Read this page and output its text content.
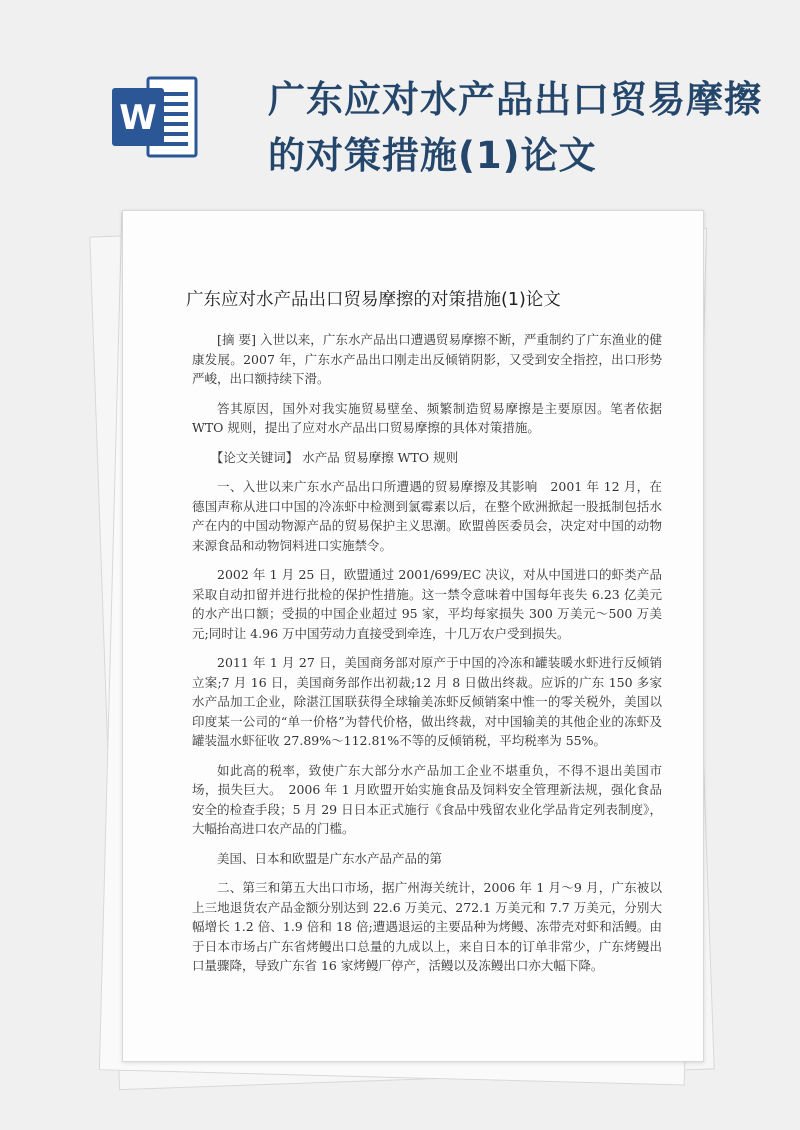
W	广东应对水产品出口贸易摩擦
的对策措施(1)论文
广东应对水产品出口贸易摩擦的对策措施(1)论文

[摘 要] 入世以来，广东水产品出口遭遇贸易摩擦不断，严重制约了广东渔业的健康发展。2007 年，广东水产品出口刚走出反倾销阴影，又受到安全指控，出口形势严峻，出口额持续下滑。

答其原因，国外对我实施贸易壁垒、频繁制造贸易摩擦是主要原因。笔者依据 WTO 规则，提出了应对水产品出口贸易摩擦的具体对策措施。

【论文关键词】 水产品 贸易摩擦 WTO 规则

一、入世以来广东水产品出口所遭遇的贸易摩擦及其影响　2001 年 12 月，在德国声称从进口中国的冷冻虾中检测到氯霉素以后，在整个欧洲掀起一股抵制包括水产在内的中国动物源产品的贸易保护主义思潮。欧盟兽医委员会，决定对中国的动物来源食品和动物饲料进口实施禁令。

2002 年 1 月 25 日，欧盟通过 2001/699/EC 决议，对从中国进口的虾类产品采取自动扣留并进行批检的保护性措施。这一禁令意味着中国每年丧失 6.23 亿美元的水产出口额；受损的中国企业超过 95 家，平均每家损失 300 万美元～500 万美元;同时让 4.96 万中国劳动力直接受到牵连，十几万农户受到损失。

2011 年 1 月 27 日，美国商务部对原产于中国的冷冻和罐装暖水虾进行反倾销立案;7 月 16 日，美国商务部作出初裁;12 月 8 日做出终裁。应诉的广东 150 多家水产品加工企业，除湛江国联获得全球输美冻虾反倾销案中惟一的零关税外，美国以印度某一公司的“单一价格”为替代价格，做出终裁，对中国输美的其他企业的冻虾及罐装温水虾征收 27.89%～112.81%不等的反倾销税，平均税率为 55%。

如此高的税率，致使广东大部分水产品加工企业不堪重负，不得不退出美国市场，损失巨大。　2006 年 1 月欧盟开始实施食品及饲料安全管理新法规，强化食品安全的检查手段；5 月 29 日日本正式施行《食品中残留农业化学品肯定列表制度》，大幅抬高进口农产品的门槛。

美国、日本和欧盟是广东水产品产品的第

二、第三和第五大出口市场，据广州海关统计，2006 年 1 月～9 月，广东被以上三地退货农产品金额分别达到 22.6 万美元、272.1 万美元和 7.7 万美元，分别大幅增长 1.2 倍、1.9 倍和 18 倍;遭遇退运的主要品种为烤鳗、冻带壳对虾和活鳗。由于日本市场占广东省烤鳗出口总量的九成以上，来自日本的订单非常少，广东烤鳗出口量骤降，导致广东省 16 家烤鳗厂停产，活鳗以及冻鳗出口亦大幅下降。
